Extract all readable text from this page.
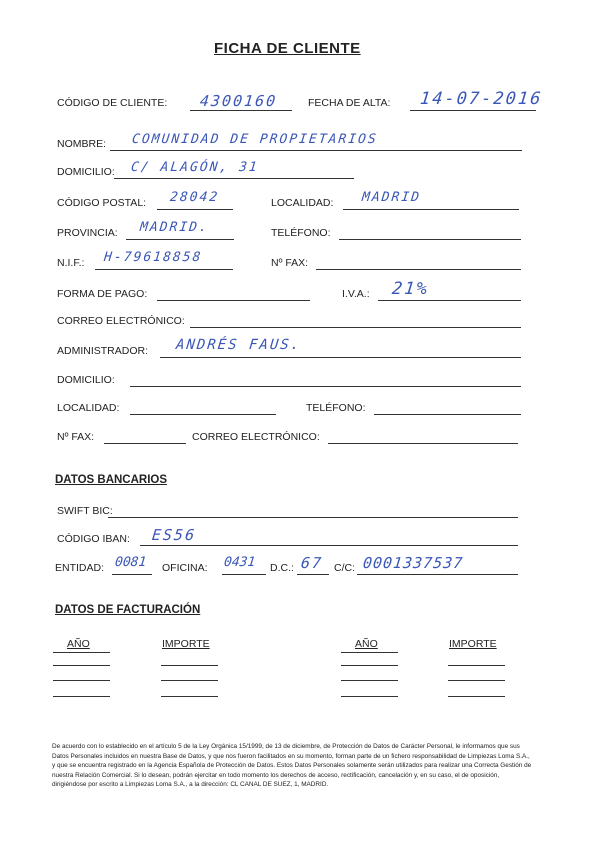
FICHA DE CLIENTE
CÓDIGO DE CLIENTE: 4300160	FECHA DE ALTA: 14-07-2016
NOMBRE: COMUNIDAD DE PROPIETARIOS
DOMICILIO: C/ ALAGÓN, 31
CÓDIGO POSTAL: 28042	LOCALIDAD: MADRID
PROVINCIA: MADRID.	TELÉFONO:
N.I.F.: H-79618858	Nº FAX:
FORMA DE PAGO:	I.V.A.: 21%
CORREO ELECTRÓNICO:
ADMINISTRADOR: ANDRÉS FAUS.
DOMICILIO:
LOCALIDAD:	TELÉFONO:
Nº FAX:	CORREO ELECTRÓNICO:
DATOS BANCARIOS
SWIFT BIC:
CÓDIGO IBAN: ES56
ENTIDAD: 0081 OFICINA: 0431 D.C.: 67 C/C: 0001337537
DATOS DE FACTURACIÓN
AÑO	IMPORTE	AÑO	IMPORTE

De acuerdo con lo establecido en el artículo 5 de la Ley Orgánica 15/1999, de 13 de diciembre, de Protección de Datos de Carácter Personal, le informamos que sus Datos Personales incluidos en nuestra Base de Datos, y que nos fueron facilitados en su momento, forman parte de un fichero responsabilidad de Limpiezas Loma S.A., y que se encuentra registrado en la Agencia Española de Protección de Datos. Estos Datos Personales solamente serán utilizados para realizar una Correcta Gestión de nuestra Relación Comercial. Si lo desean, podrán ejercitar en todo momento los derechos de acceso, rectificación, cancelación y, en su caso, el de oposición, dirigiéndose por escrito a Limpiezas Loma S.A., a la dirección: CL CANAL DE SUEZ, 1, MADRID.
